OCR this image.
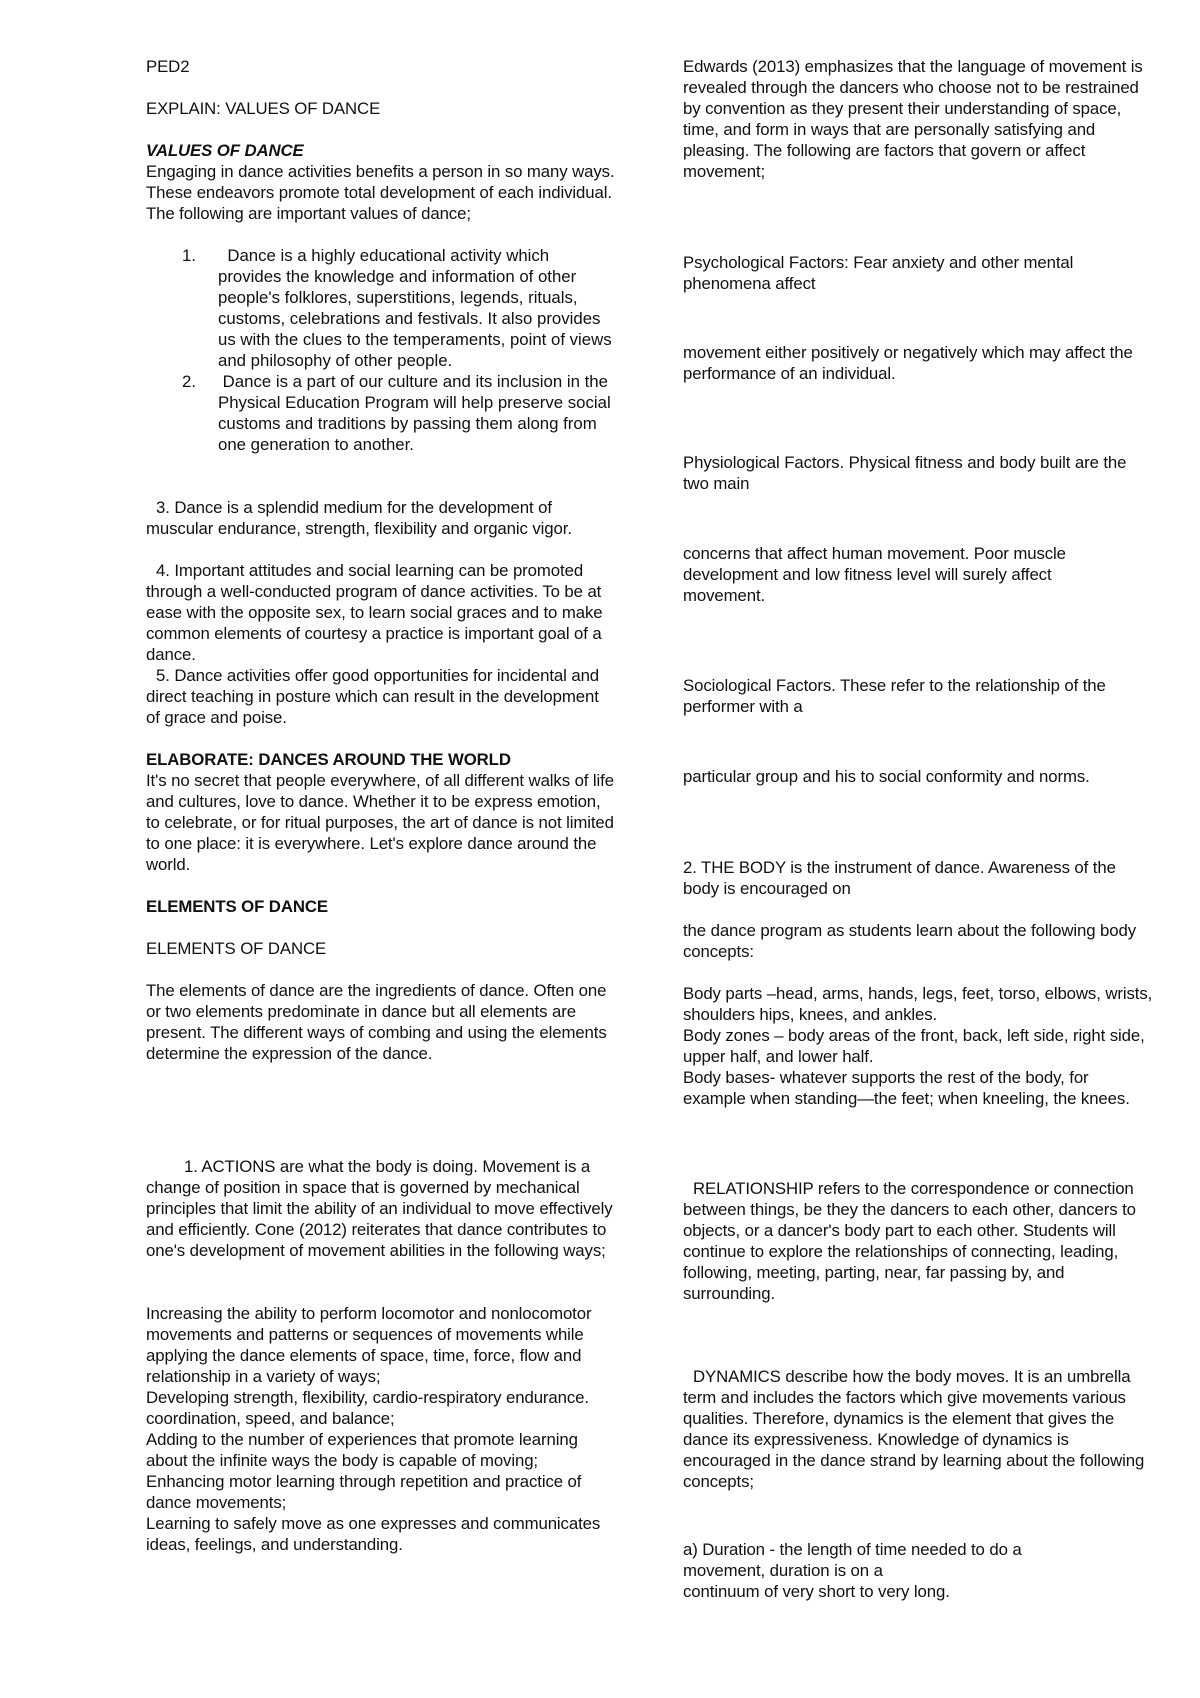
PED2

EXPLAIN: VALUES OF DANCE

VALUES OF DANCE

Engaging in dance activities benefits a person in so many ways. These endeavors promote total development of each individual. The following are important values of dance;

1. Dance is a highly educational activity which provides the knowledge and information of other people's folklores, superstitions, legends, rituals, customs, celebrations and festivals. It also provides us with the clues to the temperaments, point of views and philosophy of other people.
2. Dance is a part of our culture and its inclusion in the Physical Education Program will help preserve social customs and traditions by passing them along from one generation to another.

3. Dance is a splendid medium for the development of muscular endurance, strength, flexibility and organic vigor.

4. Important attitudes and social learning can be promoted through a well-conducted program of dance activities. To be at ease with the opposite sex, to learn social graces and to make common elements of courtesy a practice is important goal of a dance.

5. Dance activities offer good opportunities for incidental and direct teaching in posture which can result in the development of grace and poise.

ELABORATE: DANCES AROUND THE WORLD

It's no secret that people everywhere, of all different walks of life and cultures, love to dance. Whether it to be express emotion, to celebrate, or for ritual purposes, the art of dance is not limited to one place: it is everywhere. Let's explore dance around the world.

ELEMENTS OF DANCE

ELEMENTS OF DANCE

The elements of dance are the ingredients of dance. Often one or two elements predominate in dance but all elements are present. The different ways of combing and using the elements determine the expression of the dance.

1. ACTIONS are what the body is doing. Movement is a change of position in space that is governed by mechanical principles that limit the ability of an individual to move effectively and efficiently. Cone (2012) reiterates that dance contributes to one's development of movement abilities in the following ways;

Increasing the ability to perform locomotor and nonlocomotor movements and patterns or sequences of movements while applying the dance elements of space, time, force, flow and relationship in a variety of ways;

Developing strength, flexibility, cardio-respiratory endurance. coordination, speed, and balance;

Adding to the number of experiences that promote learning about the infinite ways the body is capable of moving;

Enhancing motor learning through repetition and practice of dance movements;

Learning to safely move as one expresses and communicates ideas, feelings, and understanding.

Edwards (2013) emphasizes that the language of movement is revealed through the dancers who choose not to be restrained by convention as they present their understanding of space, time, and form in ways that are personally satisfying and pleasing. The following are factors that govern or affect movement;

Psychological Factors: Fear anxiety and other mental phenomena affect

movement either positively or negatively which may affect the performance of an individual.

Physiological Factors. Physical fitness and body built are the two main

concerns that affect human movement. Poor muscle development and low fitness level will surely affect movement.

Sociological Factors. These refer to the relationship of the performer with a

particular group and his to social conformity and norms.

2. THE BODY is the instrument of dance. Awareness of the body is encouraged on

the dance program as students learn about the following body concepts:

Body parts –head, arms, hands, legs, feet, torso, elbows, wrists, shoulders hips, knees, and ankles.

Body zones – body areas of the front, back, left side, right side, upper half, and lower half.

Body bases- whatever supports the rest of the body, for example when standing—the feet; when kneeling, the knees.

RELATIONSHIP refers to the correspondence or connection between things, be they the dancers to each other, dancers to objects, or a dancer's body part to each other. Students will continue to explore the relationships of connecting, leading, following, meeting, parting, near, far passing by, and surrounding.

DYNAMICS describe how the body moves. It is an umbrella term and includes the factors which give movements various qualities. Therefore, dynamics is the element that gives the dance its expressiveness. Knowledge of dynamics is encouraged in the dance strand by learning about the following concepts;

a) Duration - the length of time needed to do a movement, duration is on a

continuum of very short to very long.
